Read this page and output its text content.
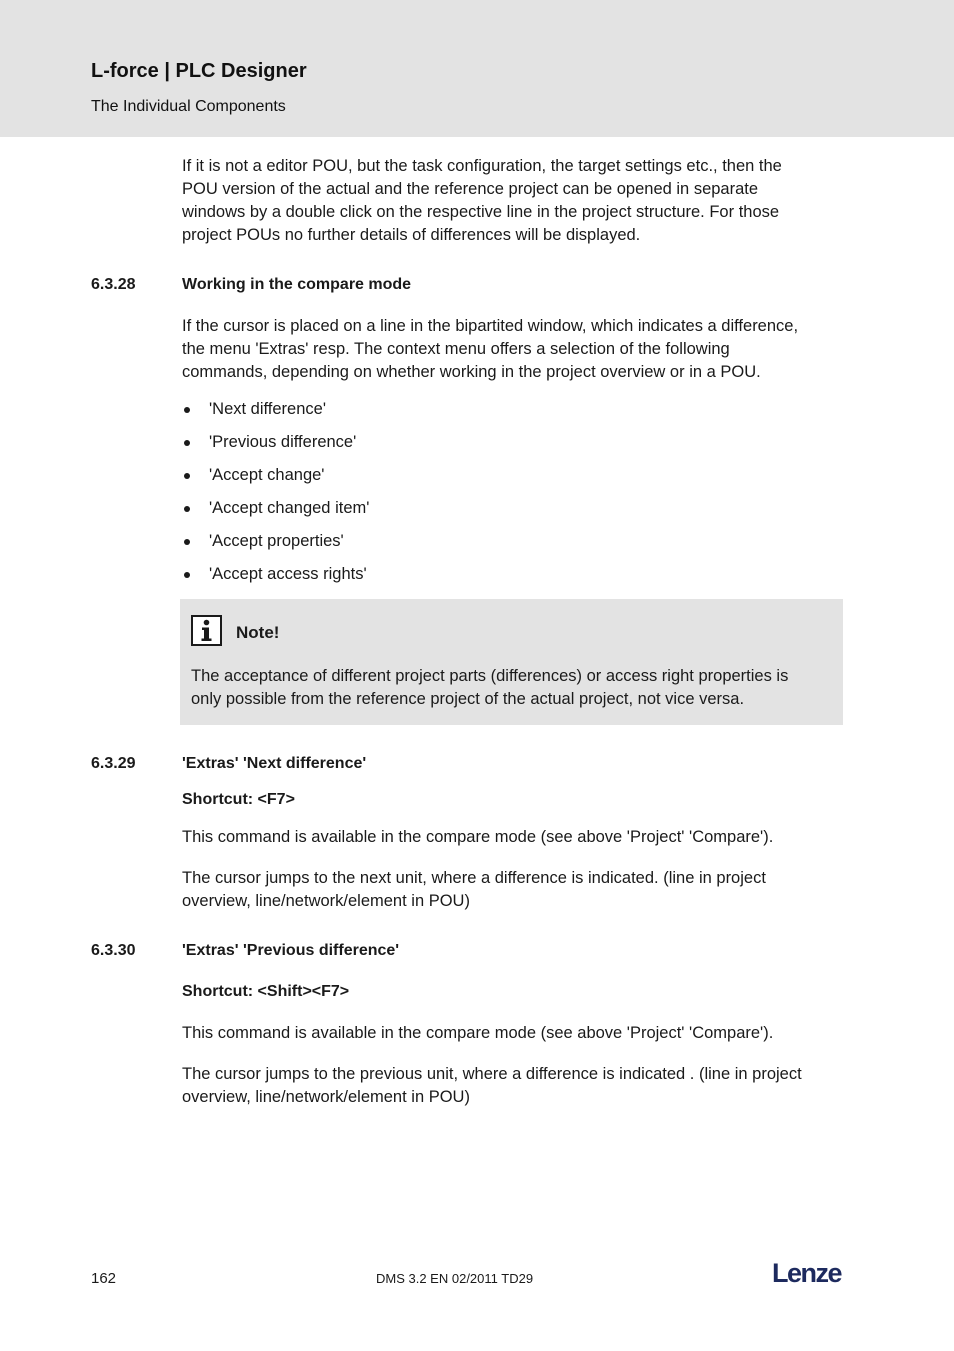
L-force | PLC Designer
The Individual Components
If it is not a editor POU, but the task configuration, the target settings etc., then the
POU version of the actual and the reference project can be opened in separate
windows by a double click on the respective line in the project structure. For those
project POUs no further details of differences will be displayed.
6.3.28	Working in the compare mode
If the cursor is placed on a line in the bipartited window, which indicates a difference,
the menu 'Extras' resp. The context menu offers a selection of the following
commands, depending on whether working in the project overview or in a POU.
'Next difference'
'Previous difference'
'Accept change'
'Accept changed item'
'Accept properties'
'Accept access rights'
Note!
The acceptance of different project parts (differences) or access right properties is
only possible from the reference project of the actual project, not vice versa.
6.3.29	'Extras' 'Next difference'
Shortcut: <F7>
This command is available in the compare mode (see above 'Project' 'Compare').
The cursor jumps to the next unit, where a difference is indicated. (line in project
overview, line/network/element in POU)
6.3.30	'Extras' 'Previous difference'
Shortcut: <Shift><F7>
This command is available in the compare mode (see above 'Project' 'Compare').
The cursor jumps to the previous unit, where a difference is indicated . (line in project
overview, line/network/element in POU)
162	DMS 3.2 EN 02/2011 TD29	Lenze
